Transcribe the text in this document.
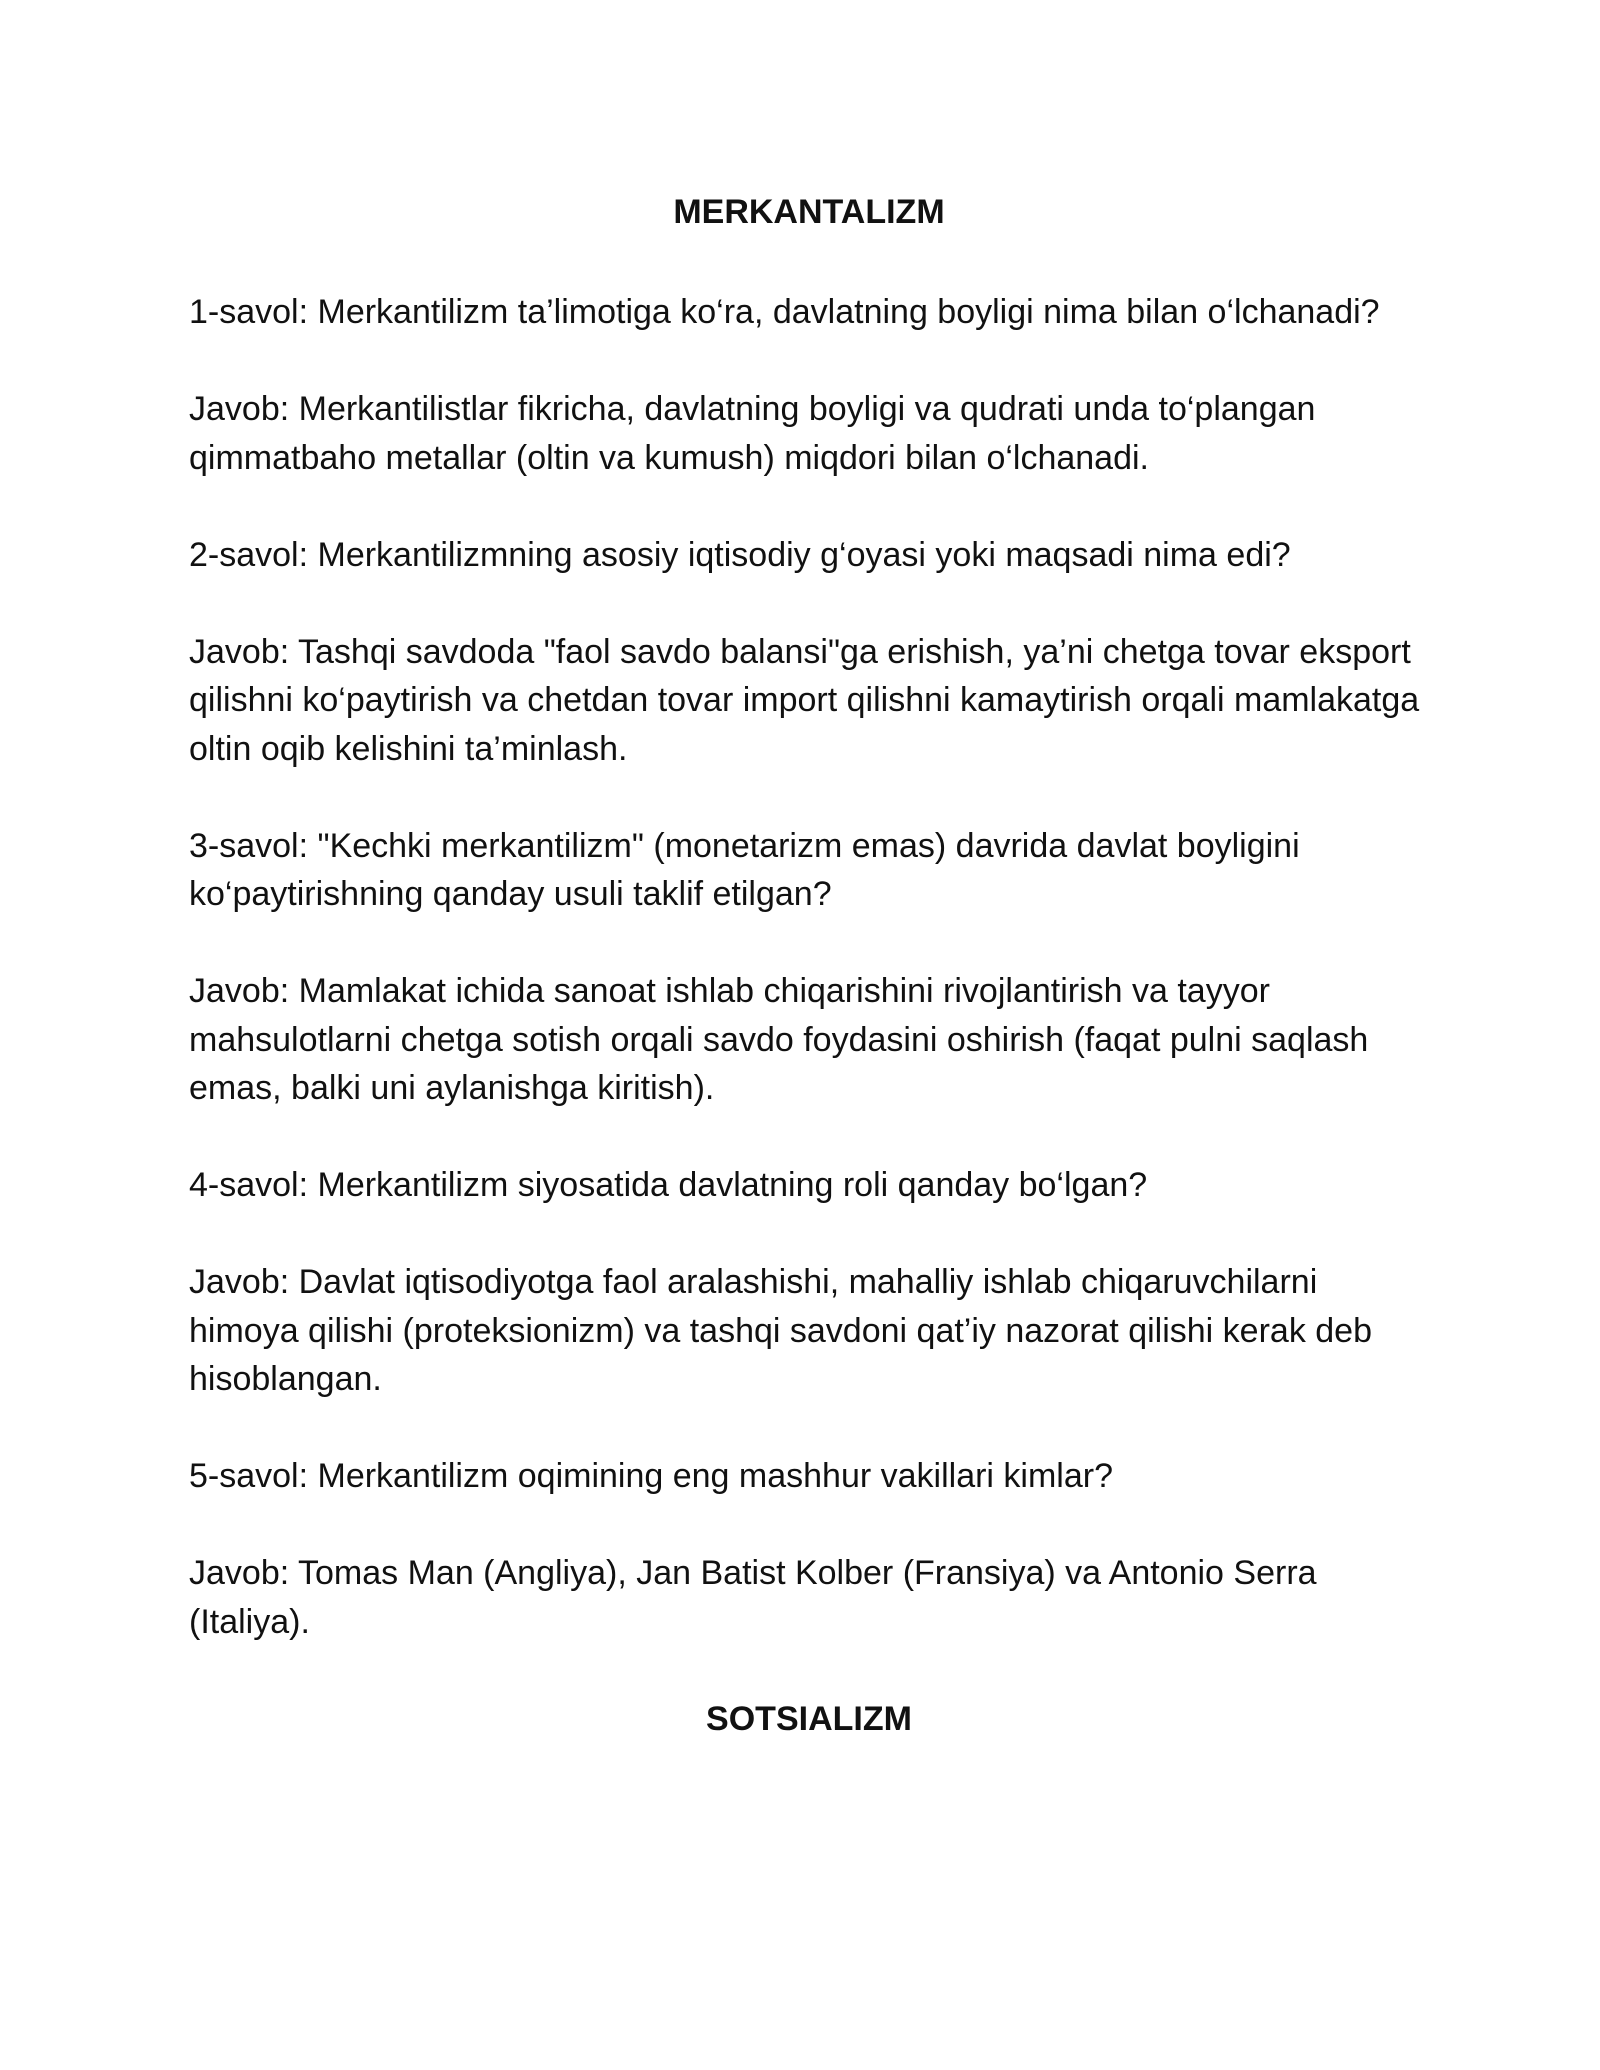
MERKANTALIZM

1-savol: Merkantilizm ta’limotiga ko‘ra, davlatning boyligi nima bilan o‘lchanadi?

Javob: Merkantilistlar fikricha, davlatning boyligi va qudrati unda to‘plangan qimmatbaho metallar (oltin va kumush) miqdori bilan o‘lchanadi.

2-savol: Merkantilizmning asosiy iqtisodiy g‘oyasi yoki maqsadi nima edi?

Javob: Tashqi savdoda "faol savdo balansi"ga erishish, ya’ni chetga tovar eksport qilishni ko‘paytirish va chetdan tovar import qilishni kamaytirish orqali mamlakatga oltin oqib kelishini ta’minlash.

3-savol: "Kechki merkantilizm" (monetarizm emas) davrida davlat boyligini ko‘paytirishning qanday usuli taklif etilgan?

Javob: Mamlakat ichida sanoat ishlab chiqarishini rivojlantirish va tayyor mahsulotlarni chetga sotish orqali savdo foydasini oshirish (faqat pulni saqlash emas, balki uni aylanishga kiritish).

4-savol: Merkantilizm siyosatida davlatning roli qanday bo‘lgan?

Javob: Davlat iqtisodiyotga faol aralashishi, mahalliy ishlab chiqaruvchilarni himoya qilishi (proteksionizm) va tashqi savdoni qat’iy nazorat qilishi kerak deb hisoblangan.

5-savol: Merkantilizm oqimining eng mashhur vakillari kimlar?

Javob: Tomas Man (Angliya), Jan Batist Kolber (Fransiya) va Antonio Serra (Italiya).

SOTSIALIZM
